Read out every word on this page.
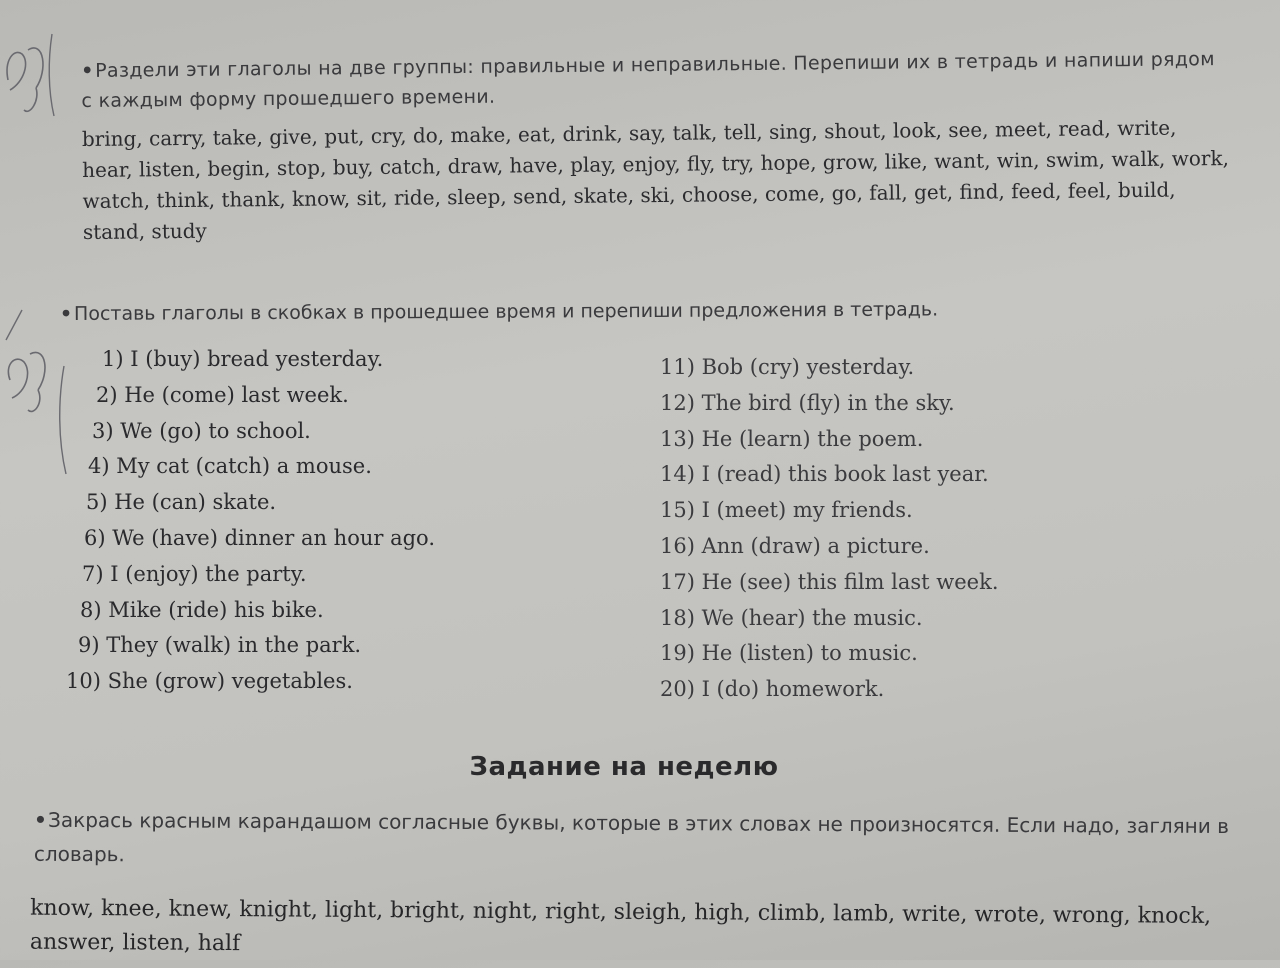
•Раздели эти глаголы на две группы: правильные и неправильные. Перепиши их в тетрадь и напиши рядом с каждым форму прошедшего времени.
bring, carry, take, give, put, cry, do, make, eat, drink, say, talk, tell, sing, shout, look, see, meet, read, write, hear, listen, begin, stop, buy, catch, draw, have, play, enjoy, fly, try, hope, grow, like, want, win, swim, walk, work, watch, think, thank, know, sit, ride, sleep, send, skate, ski, choose, come, go, fall, get, find, feed, feel, build, stand, study
•Поставь глаголы в скобках в прошедшее время и перепиши предложения в тетрадь.
1) I (buy) bread yesterday.
2) He (come) last week.
3) We (go) to school.
4) My cat (catch) a mouse.
5) He (can) skate.
6) We (have) dinner an hour ago.
7) I (enjoy) the party.
8) Mike (ride) his bike.
9) They (walk) in the park.
10) She (grow) vegetables.
11) Bob (cry) yesterday.
12) The bird (fly) in the sky.
13) He (learn) the poem.
14) I (read) this book last year.
15) I (meet) my friends.
16) Ann (draw) a picture.
17) He (see) this film last week.
18) We (hear) the music.
19) He (listen) to music.
20) I (do) homework.
Задание на неделю
•Закрась красным карандашом согласные буквы, которые в этих словах не произносятся. Если надо, загляни в словарь.
know, knee, knew, knight, light, bright, night, right, sleigh, high, climb, lamb, write, wrote, wrong, knock, answer, listen, half
